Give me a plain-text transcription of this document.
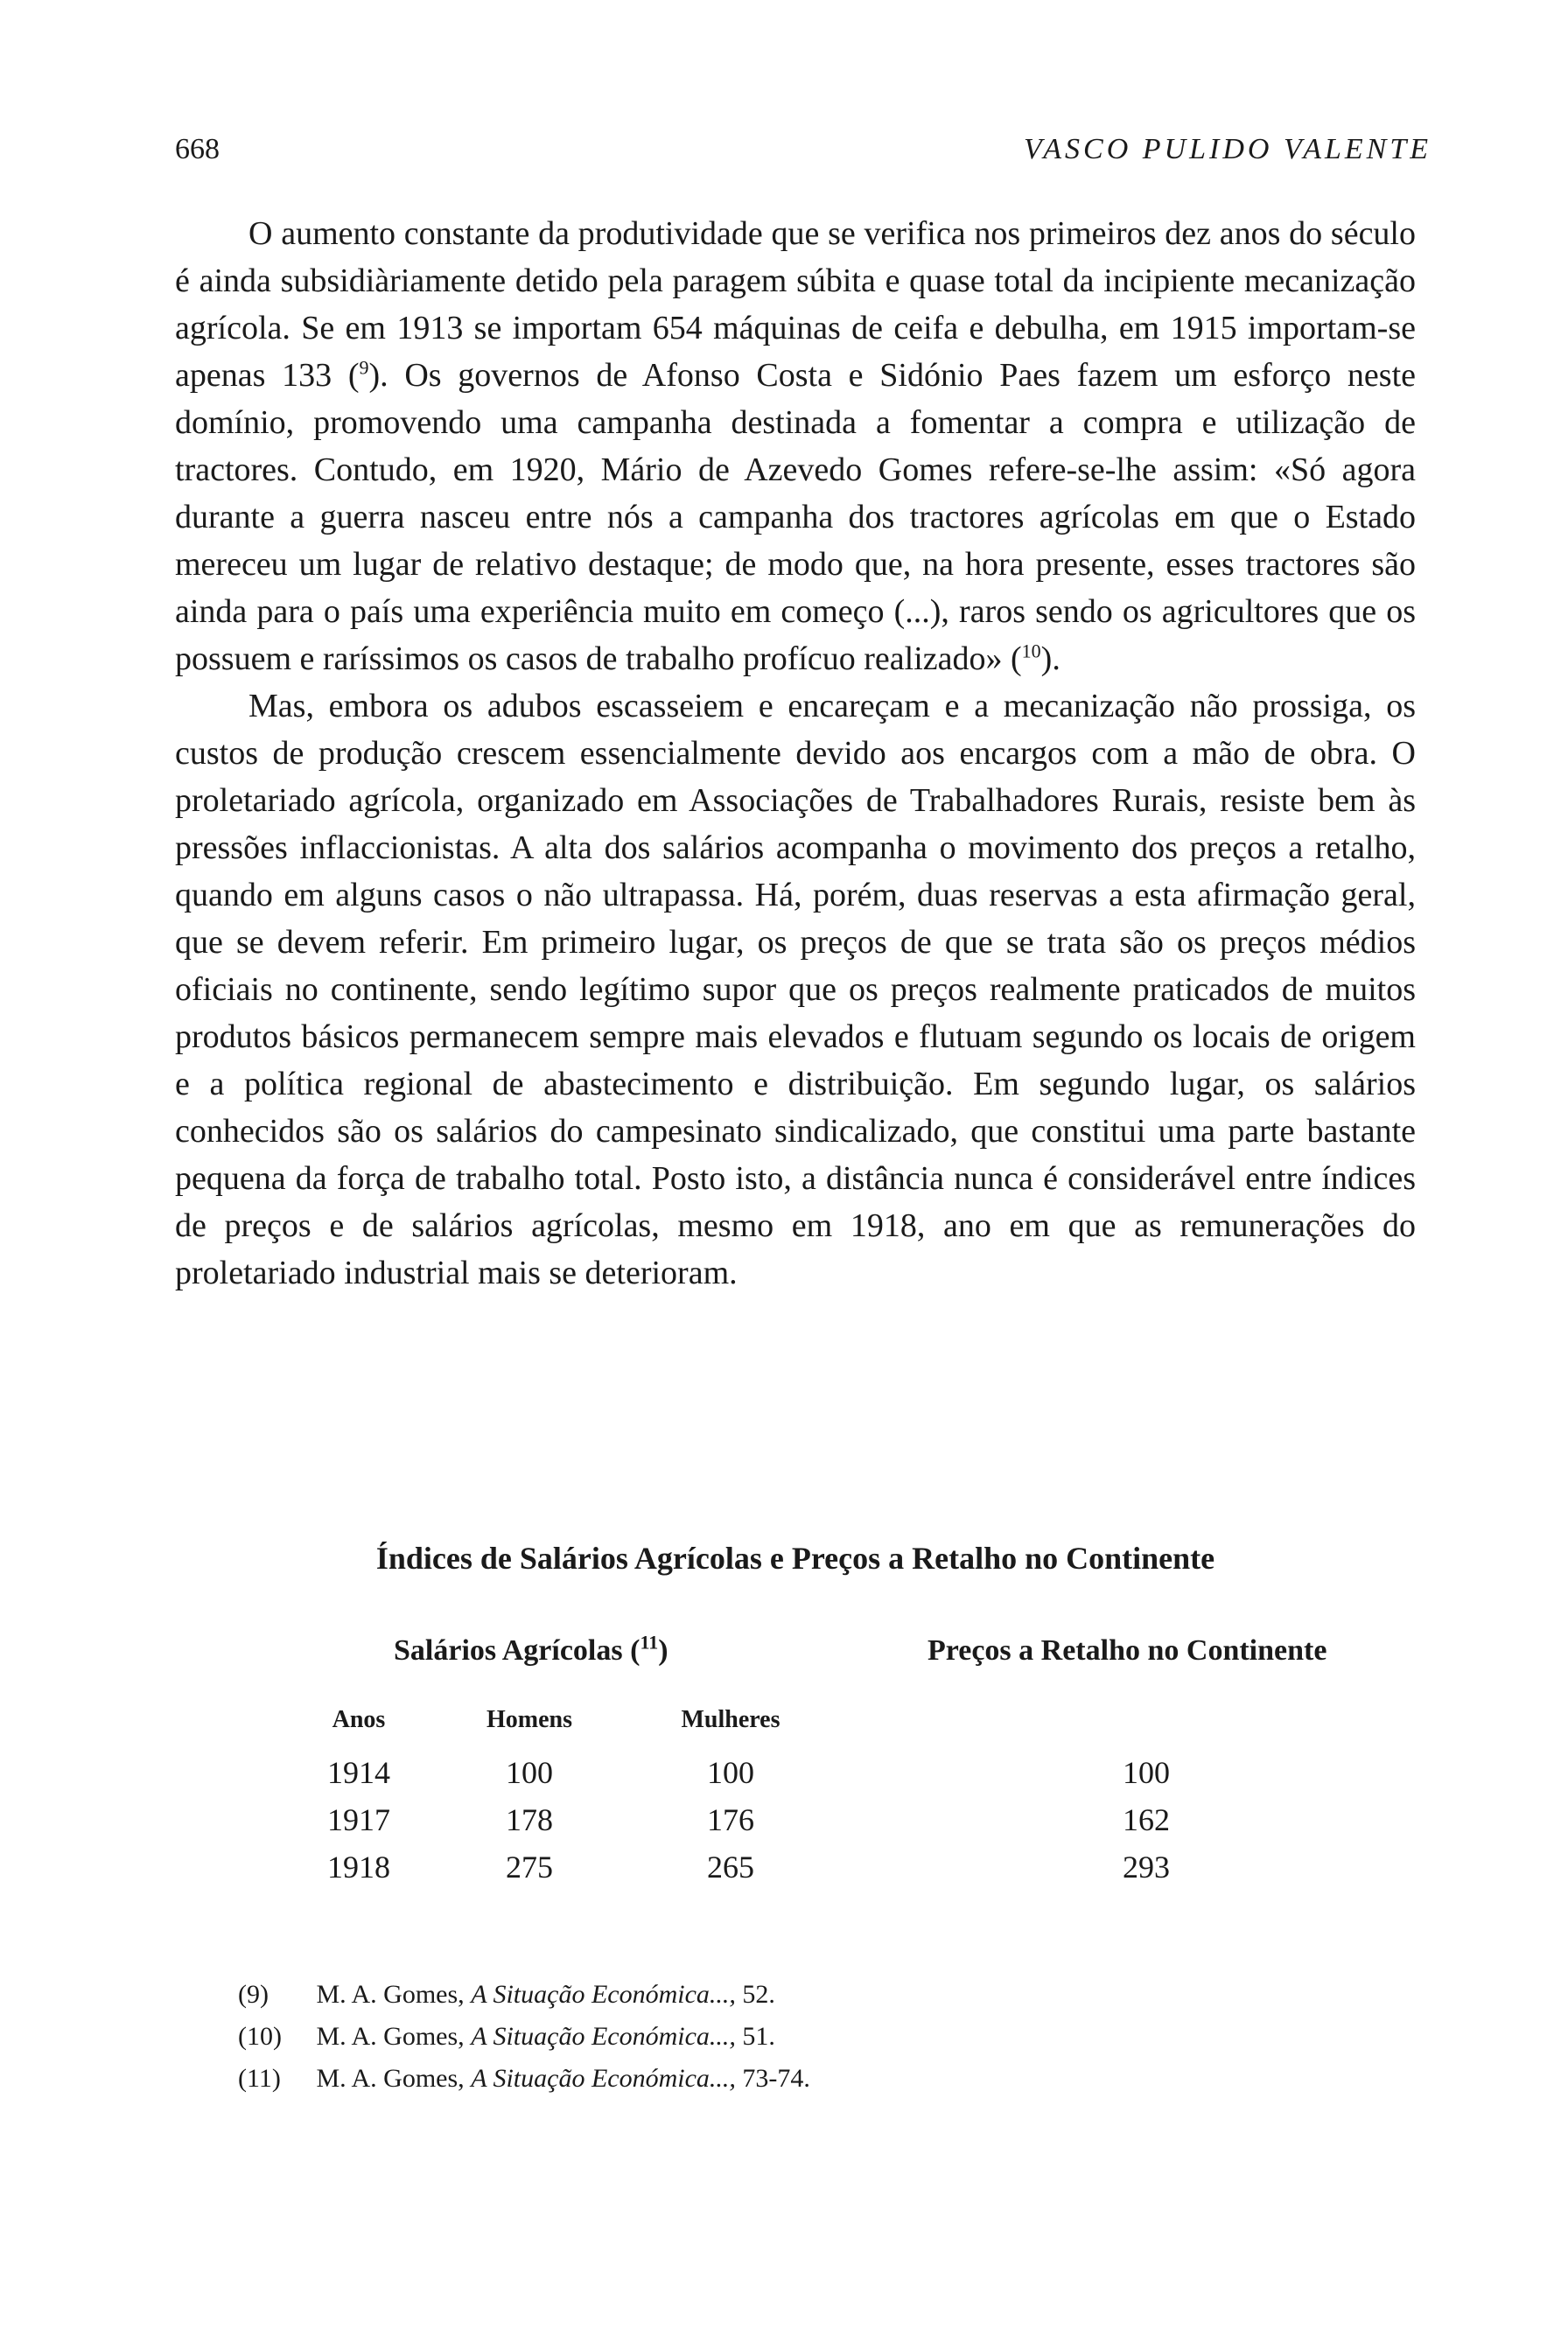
668	VASCO PULIDO VALENTE

O aumento constante da produtividade que se verifica nos primeiros dez anos do século é ainda subsidiàriamente detido pela paragem súbita e quase total da incipiente mecanização agrícola. Se em 1913 se importam 654 máquinas de ceifa e debulha, em 1915 importam-se apenas 133 ($^9$). Os governos de Afonso Costa e Sidónio Paes fazem um esforço neste domínio, promovendo uma campanha destinada a fomentar a compra e utilização de tractores. Contudo, em 1920, Mário de Azevedo Gomes refere-se-lhe assim: «Só agora durante a guerra nasceu entre nós a campanha dos tractores agrícolas em que o Estado mereceu um lugar de relativo destaque; de modo que, na hora presente, esses tractores são ainda para o país uma experiência muito em começo (...), raros sendo os agricultores que os possuem e raríssimos os casos de trabalho profícuo realizado» ($^{10}$).

Mas, embora os adubos escasseiem e encareçam e a mecanização não prossiga, os custos de produção crescem essencialmente devido aos encargos com a mão de obra. O proletariado agrícola, organizado em Associações de Trabalhadores Rurais, resiste bem às pressões inflaccionistas. A alta dos salários acompanha o movimento dos preços a retalho, quando em alguns casos o não ultrapassa. Há, porém, duas reservas a esta afirmação geral, que se devem referir. Em primeiro lugar, os preços de que se trata são os preços médios oficiais no continente, sendo legítimo supor que os preços realmente praticados de muitos produtos básicos permanecem sempre mais elevados e flutuam segundo os locais de origem e a política regional de abastecimento e distribuição. Em segundo lugar, os salários conhecidos são os salários do campesinato sindicalizado, que constitui uma parte bastante pequena da força de trabalho total. Posto isto, a distância nunca é considerável entre índices de preços e de salários agrícolas, mesmo em 1918, ano em que as remunerações do proletariado industrial mais se deterioram.

Índices de Salários Agrícolas e Preços a Retalho no Continente
Salários Agrícolas ($^{11}$)	Preços a Retalho no Continente
Anos	Homens	Mulheres
1914	100	100	100
1917	178	176	162
1918	275	265	293
(9) M. A. Gomes, A Situação Económica..., 52.
(10) M. A. Gomes, A Situação Económica..., 51.
(11) M. A. Gomes, A Situação Económica..., 73-74.
